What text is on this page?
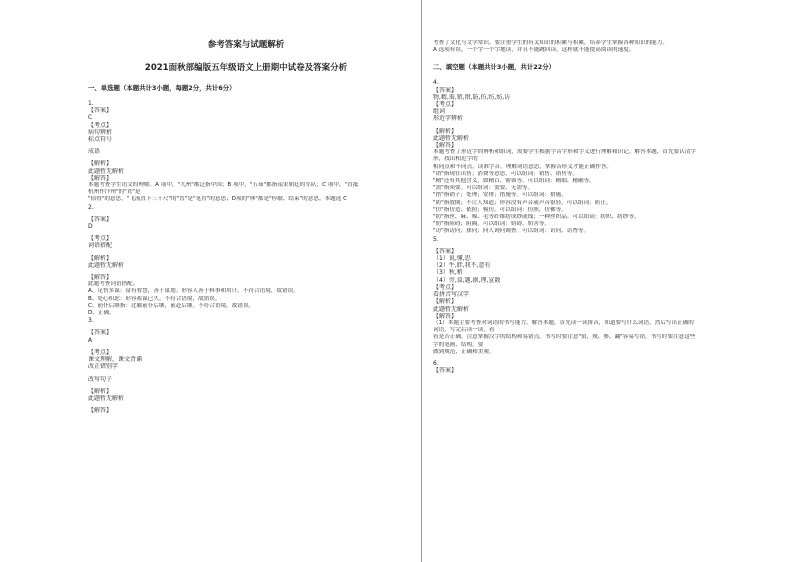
参考答案与试题解析
2021面秋部编版五年级语文上册期中试卷及答案分析
一、单选题（本题共计3小题，每题2分，共计6分）
1.
【答案】
C
【考点】
病句辨析
标点符号
成语
【解析】
此题暂无解析
【解答】
本题考查学生语文的理解。A 项中，"九州"都泛指中国；B 项中，"五茹"都指南宋朝廷的军队；C 项中，"直抵
杭州作汴州"的"直"是
"值得"的意思，"飞流直下三千尺"的"直"是"笔直"的意思；D项的"休"都是"停歇、结束"的意思。本题选 C
2.
【答案】
D
【考点】
词语搭配
【解析】
此题暂无解析
【解答】
此题考查词语搭配。
A、足智多谋：富有智慧，善于谋划。形容人善于料事和用计。不符合语境，故错误。
B、处心积虑：形容蓄谋已久。不符合语境，故错误。
C、前仆后继指：比喻前仆后继，前赴后继。不符合语境，故错误。
D、正确。
3.
【答案】
A
【考点】
课文理解，课文背诵
改正错别字
改写句子
【解析】
此题暂无解析
【解答】
考查了文化与文学常识，要注重学生的有关知识的积累与积累，培养学生掌握各种知识的能力。
A 选项有误，一个字一个字地读，并且不能跳回读，这样就不能提高阅读的速度。
二、填空题（本题共计3小题，共计22分）
4.
【答案】
物,精,需,销,措,防,仿,纺,妨,访
【考点】
组词
形近字辨析
【解析】
此题暂无解析
【解答】
本题考查了形近字的辨析和组词，需要学生根据字音字形和字义进行理解和识记。解答本题，首先要认清字
形，找出相近字的
相同点和不同点，读准字音，理解词语意思，掌握音形义才能正确作答。
"销"指现在出售；消费等意思，可以组词：销售、销售等。
"精"还有其他含义，如精百、密锁等。可以组词：精细、精确等。
"需"指须要。可以组词：需要、无需等。
"措"指销子；处理；安排；措施等。可以组词：措施。
"防"指放倒；不让人知道；形容没有声音或声音很轻。可以组词：防止。
"仿"指仿造；依照；模仿。可以组词：仿照，仿佛等。
"纺"指丝、麻、棉、毛等纤维纺成纱或线；一种丝织品。可以组词：纺织、纺纱等。
"妨"指阻碍；阻隔。可以组词：妨碍、妨害等。
"访"指访问；探问；向人询问调查。可以组词：访问、访查等。
5.
【答案】
（1）说,懂,思
（2）牛,胖,我不,意有
（3）秋,稍
（4）旁,盒,题,据,理,宣散
【考点】
看拼音写汉字
【解析】
此题暂无解析
【解答】
（1）本题主要考查对词语的书写能力。解答本题，首先读一读拼音，知道要写什么词语，然后写出正确的
词语，写完后读一读，看
看是否正确。注意掌握汉字的结构和易错点。书写时要注意"值、规、参、翻"容易写错，书写时要注意这些
字的笔画、结构。要
做到规范、正确和美观。
6.
【答案】
